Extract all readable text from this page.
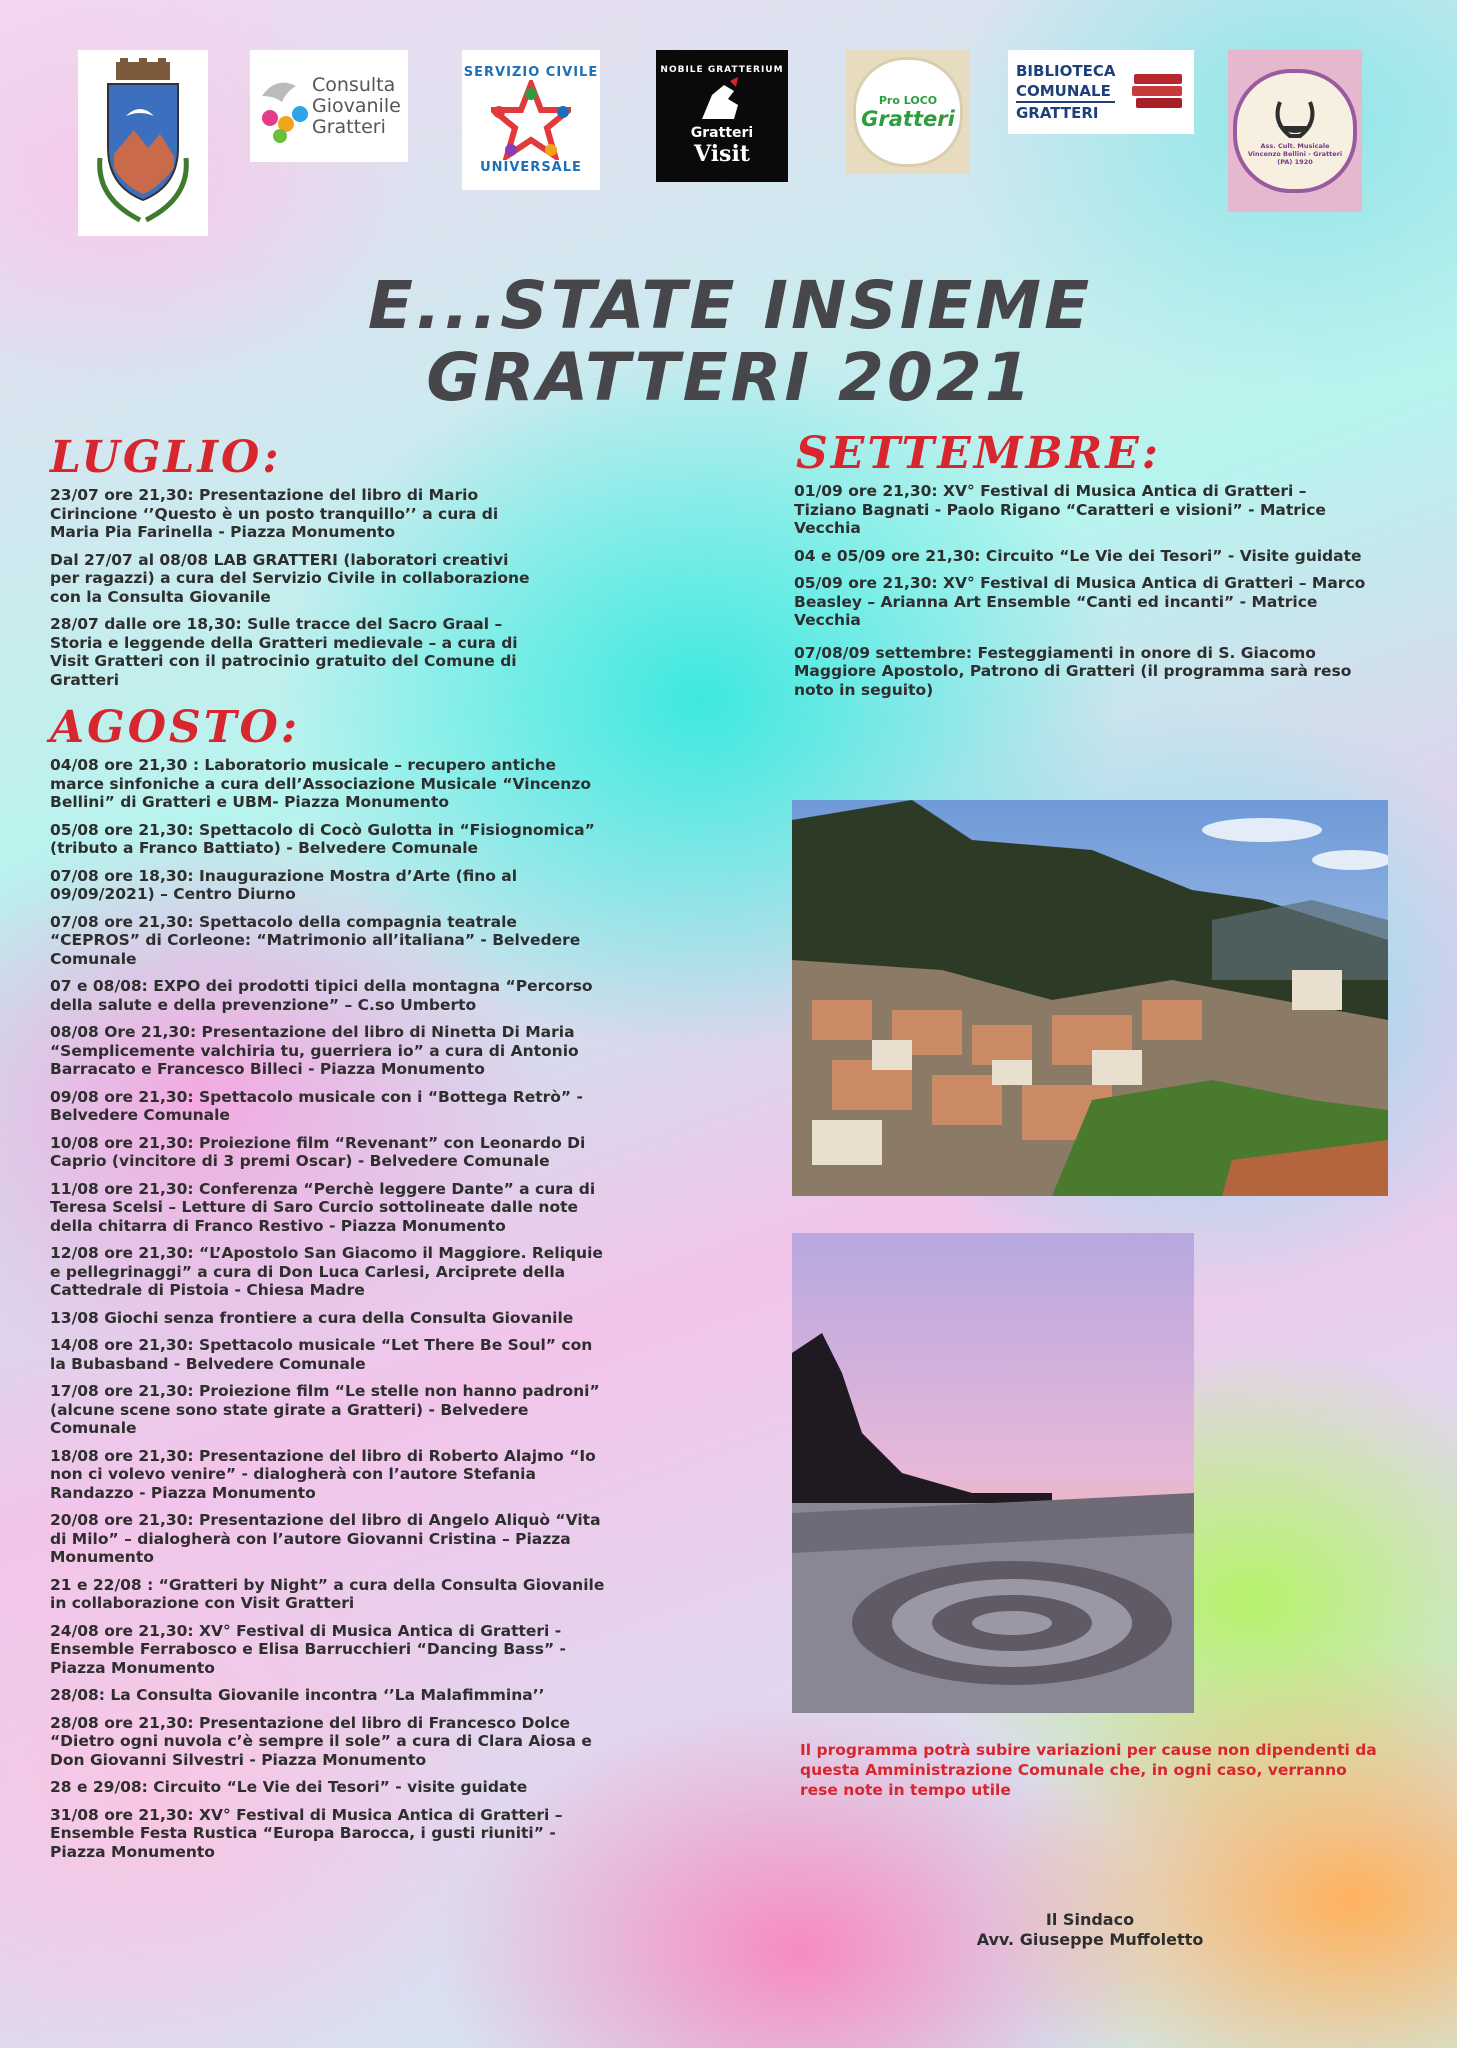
Consulta
Giovanile
Gratteri
SERVIZIO CIVILE
UNIVERSALE
NOBILE GRATTERIUM
Gratteri
Visit
Pro LOCO
Gratteri
BIBLIOTECA
COMUNALE
GRATTERI
Ass. Cult. Musicale Vincenzo Bellini - Gratteri (PA) 1920
E...STATE INSIEME
GRATTERI 2021
LUGLIO:

23/07 ore 21,30: Presentazione del libro di Mario Cirincione ‘’Questo è un posto tranquillo’’ a cura di Maria Pia Farinella - Piazza Monumento

Dal 27/07 al 08/08 LAB GRATTERI (laboratori creativi per ragazzi) a cura del Servizio Civile in collaborazione con la Consulta Giovanile

28/07 dalle ore 18,30: Sulle tracce del Sacro Graal – Storia e leggende della Gratteri medievale – a cura di Visit Gratteri con il patrocinio gratuito del Comune di Gratteri

AGOSTO:

04/08 ore 21,30 : Laboratorio musicale – recupero antiche marce sinfoniche a cura dell’Associazione Musicale “Vincenzo Bellini” di Gratteri e UBM- Piazza Monumento

05/08 ore 21,30: Spettacolo di Cocò Gulotta in “Fisiognomica” (tributo a Franco Battiato) - Belvedere Comunale

07/08 ore 18,30: Inaugurazione Mostra d’Arte (fino al 09/09/2021) – Centro Diurno

07/08 ore 21,30: Spettacolo della compagnia teatrale “CEPROS” di Corleone: “Matrimonio all’italiana” - Belvedere Comunale

07 e 08/08: EXPO dei prodotti tipici della montagna “Percorso della salute e della prevenzione” – C.so Umberto

08/08 Ore 21,30: Presentazione del libro di Ninetta Di Maria “Semplicemente valchiria tu, guerriera io” a cura di Antonio Barracato e Francesco Billeci - Piazza Monumento

09/08 ore 21,30: Spettacolo musicale con i “Bottega Retrò” - Belvedere Comunale

10/08 ore 21,30: Proiezione film “Revenant” con Leonardo Di Caprio (vincitore di 3 premi Oscar) - Belvedere Comunale

11/08 ore 21,30: Conferenza “Perchè leggere Dante” a cura di Teresa Scelsi – Letture di Saro Curcio sottolineate dalle note della chitarra di Franco Restivo - Piazza Monumento

12/08 ore 21,30: “L’Apostolo San Giacomo il Maggiore. Reliquie e pellegrinaggi” a cura di Don Luca Carlesi, Arciprete della Cattedrale di Pistoia - Chiesa Madre

13/08 Giochi senza frontiere a cura della Consulta Giovanile

14/08 ore 21,30: Spettacolo musicale “Let There Be Soul” con la Bubasband - Belvedere Comunale

17/08 ore 21,30: Proiezione film “Le stelle non hanno padroni” (alcune scene sono state girate a Gratteri) - Belvedere Comunale

18/08 ore 21,30: Presentazione del libro di Roberto Alajmo “Io non ci volevo venire” - dialogherà con l’autore Stefania Randazzo - Piazza Monumento

20/08 ore 21,30: Presentazione del libro di Angelo Aliquò “Vita di Milo” – dialogherà con l’autore Giovanni Cristina – Piazza Monumento

21 e 22/08 : “Gratteri by Night” a cura della Consulta Giovanile in collaborazione con Visit Gratteri

24/08 ore 21,30: XV° Festival di Musica Antica di Gratteri - Ensemble Ferrabosco e Elisa Barrucchieri “Dancing Bass” - Piazza Monumento

28/08: La Consulta Giovanile incontra ‘’La Malafimmina’’

28/08 ore 21,30: Presentazione del libro di Francesco Dolce “Dietro ogni nuvola c’è sempre il sole” a cura di Clara Aiosa e Don Giovanni Silvestri - Piazza Monumento

28 e 29/08: Circuito “Le Vie dei Tesori” - visite guidate

31/08 ore 21,30: XV° Festival di Musica Antica di Gratteri – Ensemble Festa Rustica “Europa Barocca, i gusti riuniti” - Piazza Monumento

SETTEMBRE:

01/09 ore 21,30: XV° Festival di Musica Antica di Gratteri – Tiziano Bagnati - Paolo Rigano “Caratteri e visioni” - Matrice Vecchia

04 e 05/09 ore 21,30: Circuito “Le Vie dei Tesori” - Visite guidate

05/09 ore 21,30: XV° Festival di Musica Antica di Gratteri – Marco Beasley – Arianna Art Ensemble “Canti ed incanti” - Matrice Vecchia

07/08/09 settembre: Festeggiamenti in onore di S. Giacomo Maggiore Apostolo, Patrono di Gratteri (il programma sarà reso noto in seguito)

Il programma potrà subire variazioni per cause non dipendenti da questa Amministrazione Comunale che, in ogni caso, verranno rese note in tempo utile
Il Sindaco
Avv. Giuseppe Muffoletto
